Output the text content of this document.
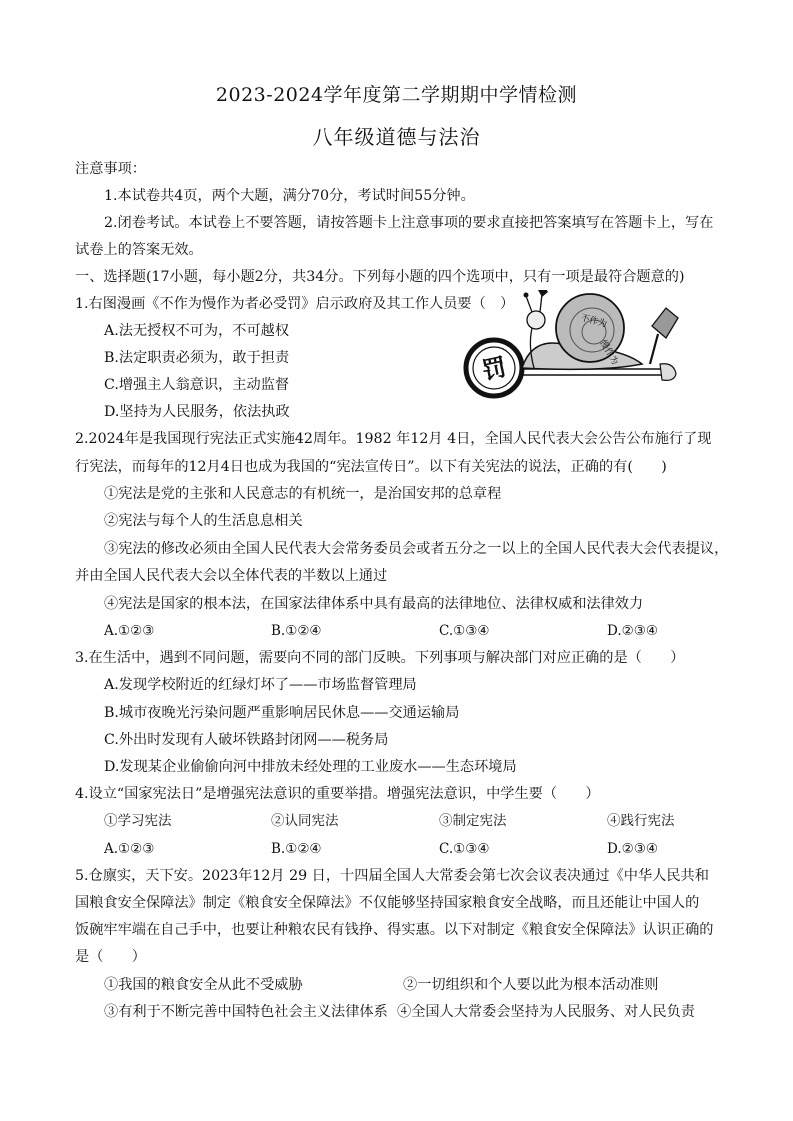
2023-2024学年度第二学期期中学情检测
八年级道德与法治
注意事项：
1.本试卷共4页，两个大题，满分70分，考试时间55分钟。
2.闭卷考试。本试卷上不要答题，请按答题卡上注意事项的要求直接把答案填写在答题卡上，写在
试卷上的答案无效。
一、选择题(17小题，每小题2分，共34分。下列每小题的四个选项中，只有一项是最符合题意的)
1.右图漫画《不作为慢作为者必受罚》启示政府及其工作人员要（　）
A.法无授权不可为，不可越权
B.法定职责必须为，敢于担责
C.增强主人翁意识，主动监督
D.坚持为人民服务，依法执政
罚
不作为
慢作为
2.2024年是我国现行宪法正式实施42周年。1982 年12月 4日，全国人民代表大会公告公布施行了现
行宪法，而每年的12月4日也成为我国的“宪法宣传日”。以下有关宪法的说法，正确的有(　　)
①宪法是党的主张和人民意志的有机统一，是治国安邦的总章程
②宪法与每个人的生活息息相关
③宪法的修改必须由全国人民代表大会常务委员会或者五分之一以上的全国人民代表大会代表提议，
并由全国人民代表大会以全体代表的半数以上通过
④宪法是国家的根本法，在国家法律体系中具有最高的法律地位、法律权威和法律效力
A.①②③	B.①②④	C.①③④	D.②③④
3.在生活中，遇到不同问题，需要向不同的部门反映。下列事项与解决部门对应正确的是（　　）
A.发现学校附近的红绿灯坏了——市场监督管理局
B.城市夜晚光污染问题严重影响居民休息——交通运输局
C.外出时发现有人破坏铁路封闭网——税务局
D.发现某企业偷偷向河中排放未经处理的工业废水——生态环境局
4.设立“国家宪法日”是增强宪法意识的重要举措。增强宪法意识，中学生要（　　）
①学习宪法	②认同宪法	③制定宪法	④践行宪法
A.①②③	B.①②④	C.①③④	D.②③④
5.仓廪实，天下安。2023年12月 29 日，十四届全国人大常委会第七次会议表决通过《中华人民共和
国粮食安全保障法》制定《粮食安全保障法》不仅能够坚持国家粮食安全战略，而且还能让中国人的
饭碗牢牢端在自己手中，也要让种粮农民有钱挣、得实惠。以下对制定《粮食安全保障法》认识正确的
是（　　）
①我国的粮食安全从此不受威胁	②一切组织和个人要以此为根本活动准则
③有利于不断完善中国特色社会主义法律体系 ④全国人大常委会坚持为人民服务、对人民负责
